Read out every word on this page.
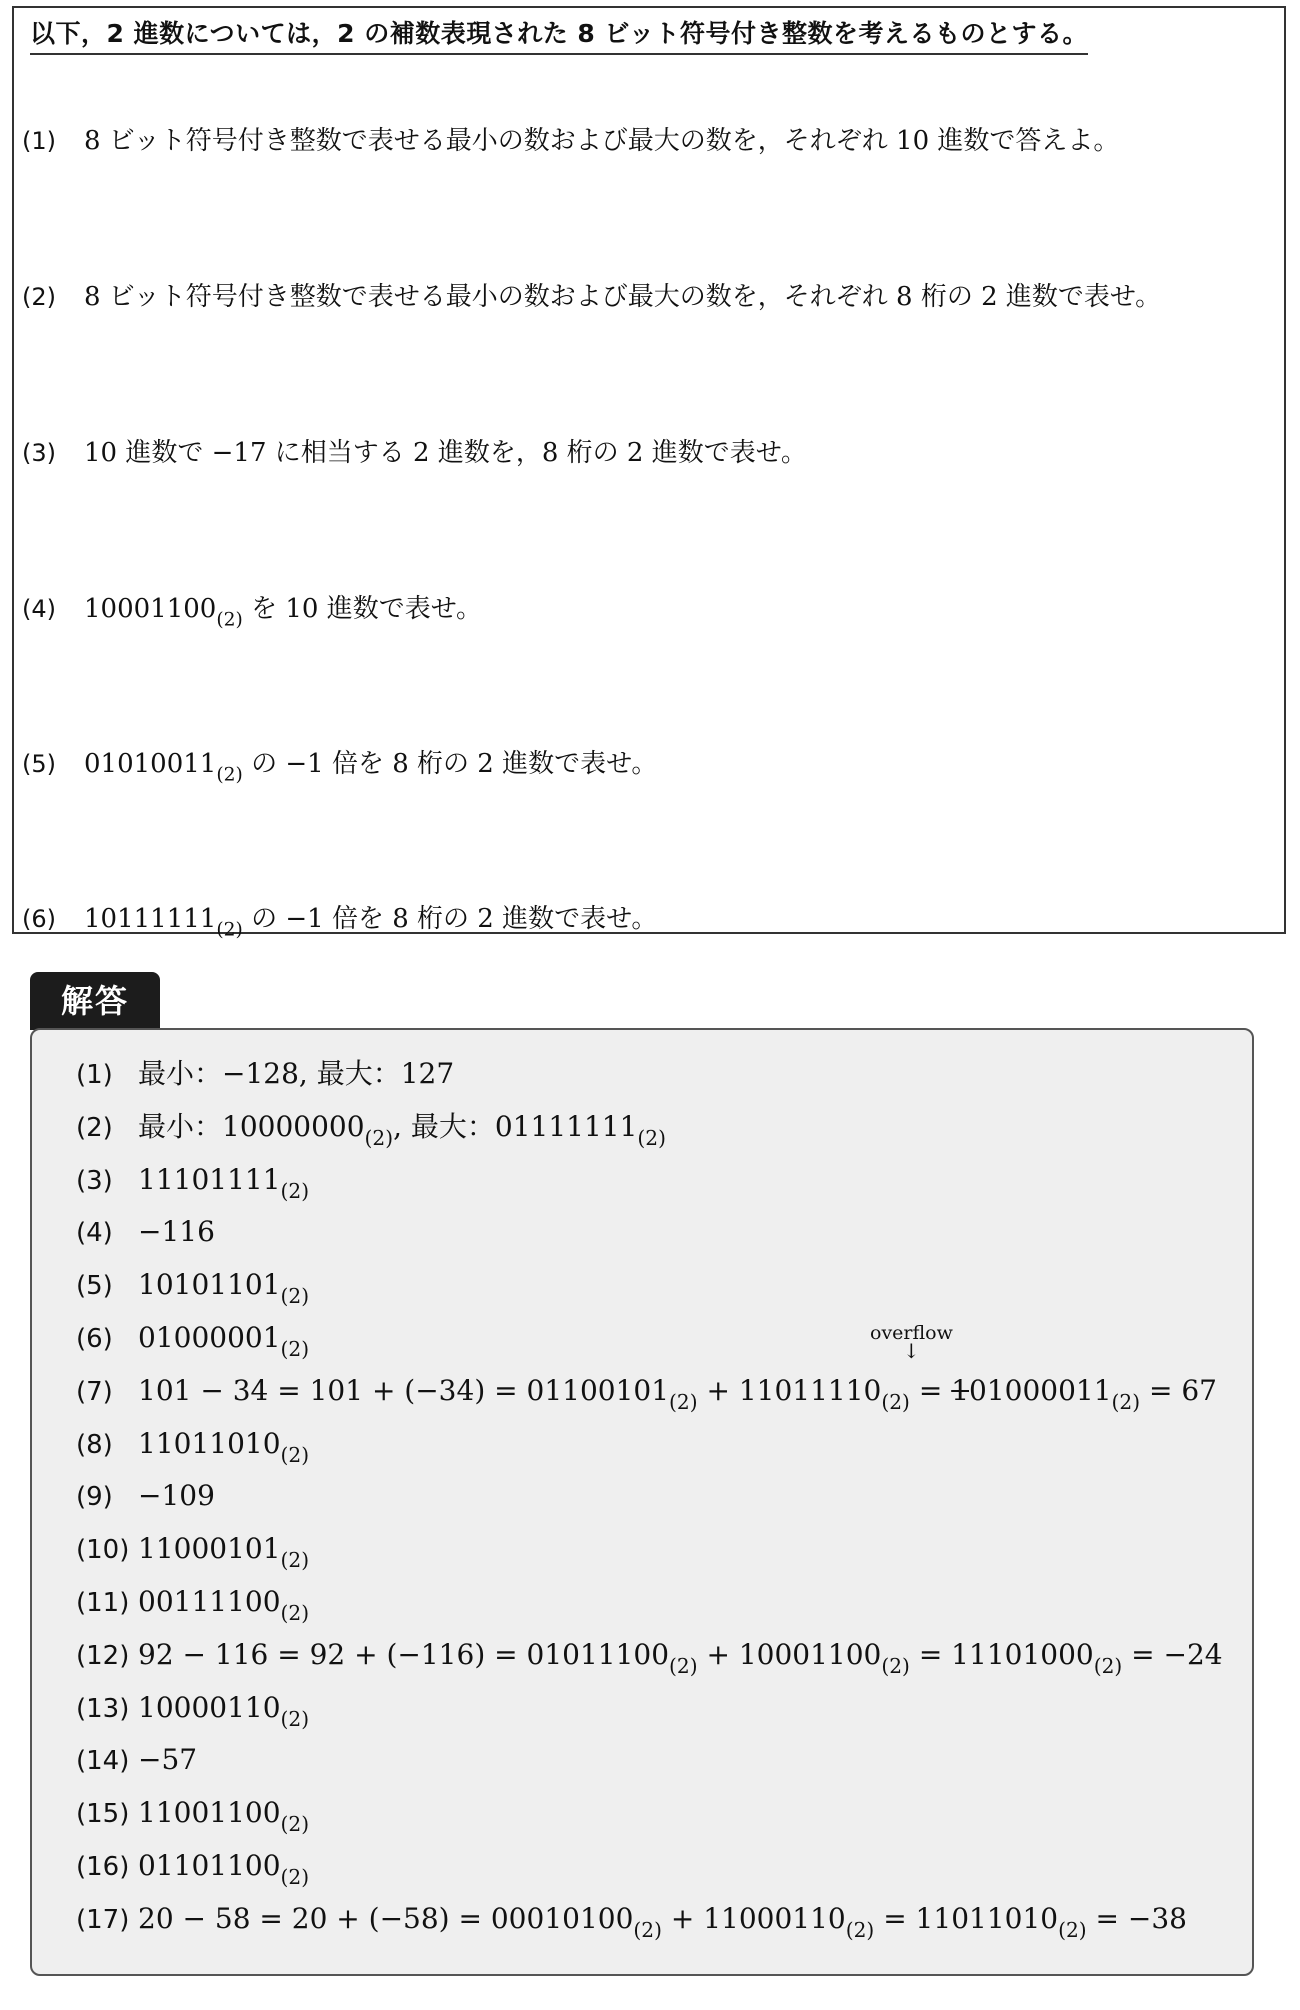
以下，2 進数については，2 の補数表現された 8 ビット符号付き整数を考えるものとする。
(1) 8 ビット符号付き整数で表せる最小の数および最大の数を，それぞれ 10 進数で答えよ。
(2) 8 ビット符号付き整数で表せる最小の数および最大の数を，それぞれ 8 桁の 2 進数で表せ。
(3) 10 進数で −17 に相当する 2 進数を，8 桁の 2 進数で表せ。
(4) $10001100_{(2)}$ を 10 進数で表せ。
(5) $01010011_{(2)}$ の −1 倍を 8 桁の 2 進数で表せ。
(6) $10111111_{(2)}$ の −1 倍を 8 桁の 2 進数で表せ。
解答
overflow
↓
(1) 最小：−128, 最大：127
(2) 最小：$10000000_{(2)}$, 最大：$01111111_{(2)}$
(3) $11101111_{(2)}$
(4) −116
(5) $10101101_{(2)}$
(6) $01000001_{(2)}$
(7) $101 - 34 = 101 + (-34) = 01100101_{(2)} + 11011110_{(2)} = 101000011_{(2)} = 67$
(8) $11011010_{(2)}$
(9) −109
(10) $11000101_{(2)}$
(11) $00111100_{(2)}$
(12) $92 - 116 = 92 + (-116) = 01011100_{(2)} + 10001100_{(2)} = 11101000_{(2)} = -24$
(13) $10000110_{(2)}$
(14) −57
(15) $11001100_{(2)}$
(16) $01101100_{(2)}$
(17) $20 - 58 = 20 + (-58) = 00010100_{(2)} + 11000110_{(2)} = 11011010_{(2)} = -38$
